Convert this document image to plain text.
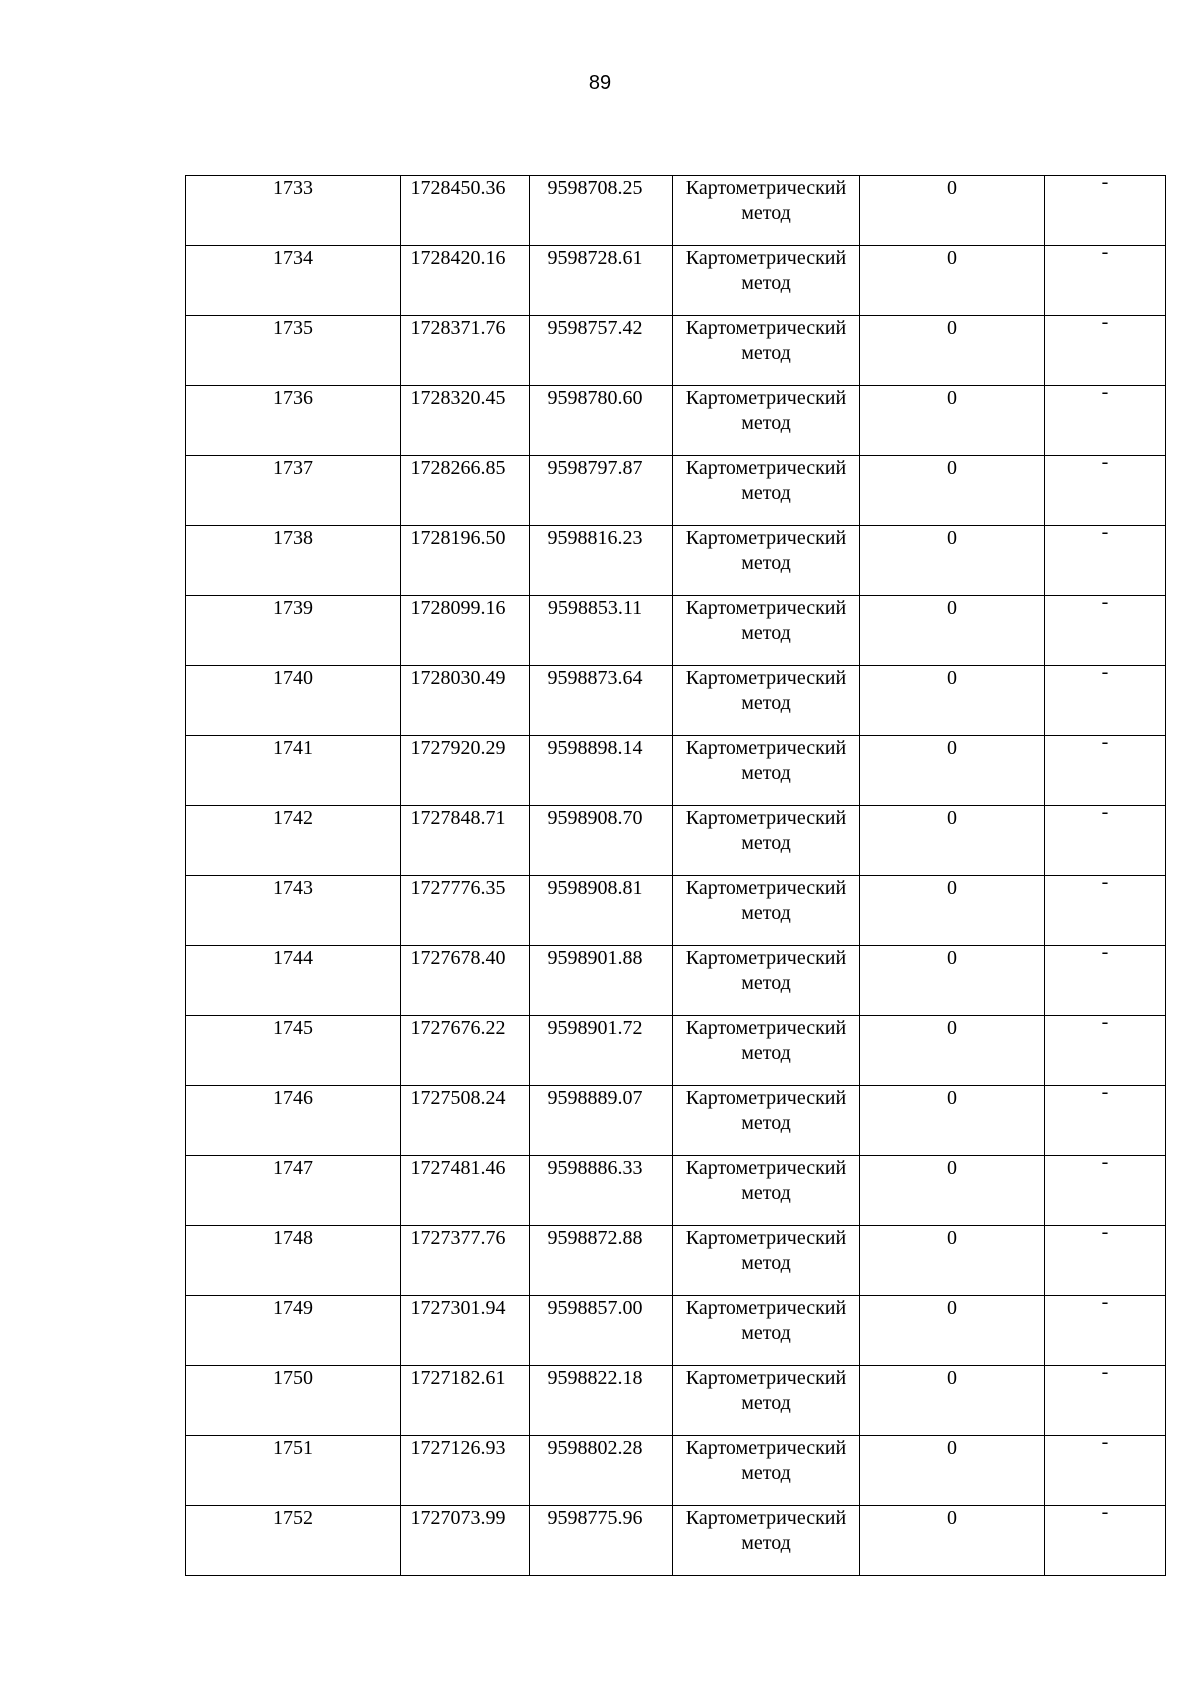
89
1733	1728450.36	9598708.25	Картометрический
метод	0	-
1734	1728420.16	9598728.61	Картометрический
метод	0	-
1735	1728371.76	9598757.42	Картометрический
метод	0	-
1736	1728320.45	9598780.60	Картометрический
метод	0	-
1737	1728266.85	9598797.87	Картометрический
метод	0	-
1738	1728196.50	9598816.23	Картометрический
метод	0	-
1739	1728099.16	9598853.11	Картометрический
метод	0	-
1740	1728030.49	9598873.64	Картометрический
метод	0	-
1741	1727920.29	9598898.14	Картометрический
метод	0	-
1742	1727848.71	9598908.70	Картометрический
метод	0	-
1743	1727776.35	9598908.81	Картометрический
метод	0	-
1744	1727678.40	9598901.88	Картометрический
метод	0	-
1745	1727676.22	9598901.72	Картометрический
метод	0	-
1746	1727508.24	9598889.07	Картометрический
метод	0	-
1747	1727481.46	9598886.33	Картометрический
метод	0	-
1748	1727377.76	9598872.88	Картометрический
метод	0	-
1749	1727301.94	9598857.00	Картометрический
метод	0	-
1750	1727182.61	9598822.18	Картометрический
метод	0	-
1751	1727126.93	9598802.28	Картометрический
метод	0	-
1752	1727073.99	9598775.96	Картометрический
метод	0	-
